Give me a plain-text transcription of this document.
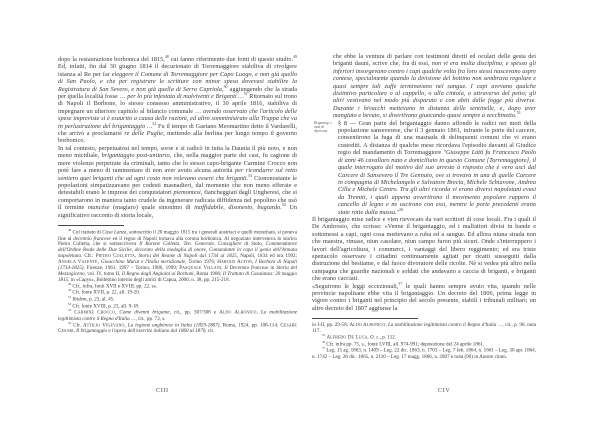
dopo la restaurazione borbonica del 1815,48 cui fanno riferimento due fonti di questo studio.$^{49}$ Ed, infatti, fin dal 30 giugno 1814 il decurionato di Torremaggiore stabiliva di rivolgere istanza al Re per far eleggere il Comune di Torremaggiore per Capo Luogo, e non già quello di San Paolo, e che per registrare le scritture con minor spesa dovevasi stabilire la Registratura di San Severo, e non già quella di Serra Capriola,$^{50}$ aggiungendo che la strada per quella località fosse … per lo più infestata di malviventi e Briganti …$^{51}$ Ritornato sul trono di Napoli il Borbone, lo stesso consesso amministrativo, il 30 aprile 1816, stabiliva di impegnare un ulteriore capitolo al bilancio comunale … avendo osservato che l'articolo delle spese impreviste si è esaurito a causa delle razioni, ed altro somministrato alla Truppa che va in perlustrazione del brigantaggio …$^{52}$ Fu il tempo di Gaetano Meomartino detto il Vardarelli, che arrivò a proclamarsi re delle Puglie, mettendo alla berlina per lungo tempo il governo borbonico.

In tal contesto, perpetuatosi nel tempo, sorse e si radicò in tutta la Daunia il più noto, e non meno micidiale, brigantaggio post-unitario, che, nella maggior parte dei casi, fu cagione di mere violenze perpetrate da criminali, tanto che lo stesso capo-brigante Carmine Crocco non potè fare a meno di rammentare di non aver avuto alcuna autorità per ricondurre sul retto sentiero quei briganti che ad ogni costo non volevano essere che briganti.$^{53}$ Ciononostante le popolazioni simpatizzavano per codesti masnadieri, dal momento che non meno efferate e detestabili erano le imprese dei conquistatori piemontesi, fiancheggiati dagli Ungheresi, che si comportarono in maniera tanto crudele da ingenerare radicata diffidenza nel popolino che usò il termine mancése (magiaro) quale sinonimo di inaffidabile, disonesto, bugiardo.$^{54}$ Un significativo racconto di storia locale,

$^{48}$ Col trattato di Casa Lanza, sottoscritto il 20 maggio 1815 tra i generali austriaci e quelli murattiani, si poneva fine al decennio francese ed il regno di Napoli tornava alla corona borbonica. Al negoziato interveniva lo storico Pietro Colletta, che si sottoscriveva Il Barone Colletta, Ten. Generale, Consigliere di Stato, Commendatore dell'Ordine Reale delle Due Sicilie, decorato della medaglia di onore, Comandante in capo il genio dell'Armata napoletana. Cfr.: Pietro Colletta, Storia del Reame di Napoli dal 1734 al 1825, Napoli, 1834 ed ora 1992; Angela Valente, Gioacchino Murat e l'Italia meridionale, Torino 1976; Harold Acton, I Borboni di Napoli (1734-1825), Firenze, 1961, 1997 – Torino, 1986, 1999; Pasquale Villani, Il Decennio francese in Storia del Mezzogiorno, vol. IV, tomo II, Il Regno dagli Angioini ai Borboni, Roma 1986; Il Trattato di Casalanza: 20 maggio 1815, in «Capys», Bollettino interno degli amici di Capua, 2000, n. 38, pp. 215-218.

$^{49}$ Cfr., infra, fonti XVII e XVIII, pp. 22, ss.

$^{50}$ Cfr. fonte XVII, p. 22, all. 19-20.

$^{51}$ Ibidem, p. 23, al. 45.

$^{52}$ Cfr. fonte XVIII, p. 23, all. 9-18.

$^{53}$ Carmine Crocco, Come divenni brigante, cit., pp. 307/308 e Aldo Albonico, La mobilitazione legittimista contro il Regno d'Italia …, cit., pp. 73, s.

$^{54}$ Cfr. Attilio Vigevano, La legione ungherese in Italia (1859-1867), Roma, 1924, pp. 108-114; Cesare Cesari, Il brigantaggio e l'opera dell'esercito italiano dal 1860 al 1870, cit.

che ebbe la ventura di parlare con testimoni diretti ed oculari delle gesta dei briganti dauni, scrive che, fra di essi, non vi era molta disciplina, e spesso gli inferiori insorgevano contro i capi qualche volta fra loro stessi nascevano aspre contese, specialmente quando la divisione del bottino non sembrava regolare e quasi sempre tali zuffe terminavano nel sangue. I capi avevano qualche distintivo particolare o al cappello, o alla cintola, o attraverso del petto; gli altri vestivano nel modo più disparato e con abiti dalle fogge più diverse. Durante i bivacchi mettevano in distanza delle sentinelle, e, dopo aver mangiato e bevuto, si divertivano giuocando quasi sempre a zecchinetto.$^{55}$

Brigantag. e moti di Apricena
§ 8 — Gran parte del brigantaggio dauno affondò le radici nei moti della popolazione sanseverese, che il 3 gennaio 1861, infrante le porte del carcere, consentirono la fuga di una masnada di delinquenti comuni che vi erano custoditi. A distanza di qualche mese ricordava l'episodio davanti al Giudice regio del mandamento di Torremaggiore "Giuseppe Latti fu Francesco Paolo di anni 46 cavallaro nato e domiciliato in questo Comune [Torremaggiore], il quale interrogato del motivo del suo arresto à risposto che è vero uscì dal Carcere di Sansevero il Tre Gennaio, ove si trovava in una di quelle Carcere in compagnia di Michelangelo e Salvatore Brecia, Michele Schiavone, Andrea Cilla e Michele Centro. Tra gli altri ricorda vi erano diversi napoletani evasi da Tremiti, i quali appena avvertirono il movimento popolare ruppero il cancello di legno e ne uscirono con essi, mentre le porte precedenti erano state rotte dalla massa."$^{56}$

Il brigantaggio mise radice e vien rievocato da vari scrittori di cose locali. Fra i quali il De Ambrosio, che scrisse: «Venne il brigantaggio, ed i malfattori divisi in bande e sottomessi a capi, ogni cosa mettevano a ruba ed a sangue. Ed allora niuna strada non che maestra, rimase, niun casolare, niun campo furon più sicuri. Onde s'interruppero i lavori dell'agricoltura, i commerci, i vantaggi del libero reggimento; ed era triste spettacolo osservare i cittadini continuamente agitati per ricatti susseguiti dalla distruzione del bestiame, e dal fuoco divoratore delle ricolte. Nè si vedea più altro nella campagna che guardie nazionali e soldati che andavano a caccia di briganti, e briganti che erano cacciati.

«Seguirono le leggi eccezionali,$^{57}$ le quali hanno sempre avuto vita, quando nelle provincie napolitane ebbe vita il brigantaggio. Un decreto del 1806, prima legge in vigore contro i briganti nel principio del secolo presente, stabilì i tribunali militari; un altro decreto del 1807 aggiunse la

in I-II, pp. 29-58; Aldo Albonico, La mobilitazione legittimista contro il Regno d'Italia …, cit., p. 98, nota 117.

$^{55}$ Alfredo De Luca, O. c., p. 112.

$^{56}$ Cfr. infra pp. 75, s., fonte LVIII, all. 974-991; deposizione del 24 aprile 1861.

$^{57}$ Leg. 15 ag. 1863, n. 1409 – Leg. 22 dic. 1863, n. 1703 – Leg. 7 feb. 1864, n. 1661 – Leg. 30 apr. 1864, n. 1742 – Leg. 26 dic. 1865, n. 2110 – Leg. 17 magg. 1866, n. 2807 e nota (90) in Autore citato.

CIII	CIV
